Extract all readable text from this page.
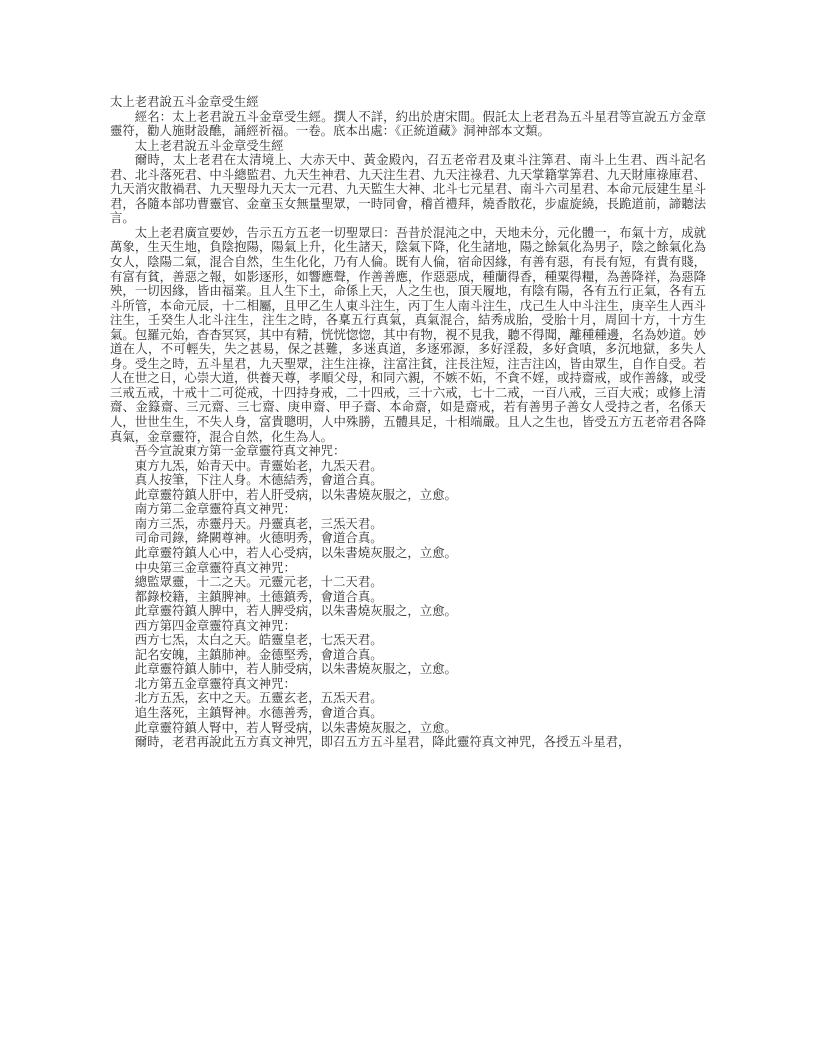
太上老君說五斗金章受生經

經名：太上老君說五斗金章受生經。撰人不詳，約出於唐宋間。假託太上老君為五斗星君等宣說五方金章靈符，勸人施財設醮，誦經祈福。一卷。底本出處：《正統道藏》洞神部本文類。

太上老君說五斗金章受生經

爾時，太上老君在太清境上、大赤天中、黃金殿內，召五老帝君及東斗注筭君、南斗上生君、西斗記名君、北斗落死君、中斗總監君、九天生神君、九天注生君、九天注祿君、九天掌籍掌筭君、九天財庫祿庫君、九天消灾散禍君、九天聖母九天太一元君、九天監生大神、北斗七元星君、南斗六司星君、本命元辰建生星斗君，各隨本部功曹靈官、金童玉女無量聖眾，一時同會，稽首禮拜，燒香散花，步虛旋繞，長跪道前，諦聽法言。

太上老君廣宣要妙，告示五方五老一切聖眾曰：吾昔於混沌之中，天地未分，元化體一，布氣十方，成就萬象，生天生地，負陰抱陽，陽氣上升，化生諸天，陰氣下降，化生諸地，陽之餘氣化為男子，陰之餘氣化為女人，陰陽二氣，混合自然，生生化化，乃有人倫。既有人倫，宿命因緣，有善有惡，有長有短，有貴有賤，有富有貧，善惡之報，如影逐形，如響應聲，作善善應，作惡惡成，種蘭得香，種粟得糧，為善降祥，為惡降殃，一切因緣，皆由福業。且人生下土，命係上天，人之生也，頂天履地，有陰有陽，各有五行正氣，各有五斗所管，本命元辰，十二相屬，且甲乙生人東斗注生，丙丁生人南斗注生，戊己生人中斗注生，庚辛生人西斗注生，壬癸生人北斗注生，注生之時，各稟五行真氣，真氣混合，結秀成胎，受胎十月，周回十方，十方生氣。包羅元始，杳杳冥冥，其中有精，恍恍惚惚，其中有物，視不見我，聽不得聞，離種種邊，名為妙道。妙道在人，不可輕失，失之甚易，保之甚難，多迷真道，多逐邪源，多好淫殺，多好貪嗔，多沉地獄，多失人身。受生之時，五斗星君，九天聖眾，注生注祿，注富注貧，注長注短，注吉注凶，皆由眾生，自作自受。若人在世之日，心崇大道，供養天尊，孝順父母，和同六親，不嫉不妬，不貪不婬，或持齋戒，或作善緣，或受三戒五戒，十戒十二可從戒，十四持身戒，二十四戒，三十六戒，七十二戒，一百八戒，三百大戒；或修上清齋、金籙齋、三元齋、三七齋、庚申齋、甲子齋、本命齋，如是齋戒，若有善男子善女人受持之者，名係天人，世世生生，不失人身，富貴聰明，人中殊勝，五體具足，十相端嚴。且人之生也，皆受五方五老帝君各降真氣，金章靈符，混合自然，化生為人。

吾今宣說東方第一金章靈符真文神咒：

東方九炁，始青天中。青靈始老，九炁天君。

真人按筆，下注人身。木德結秀，會道合真。

此章靈符鎮人肝中，若人肝受病，以朱書燒灰服之，立愈。

南方第二金章靈符真文神咒：

南方三炁，赤靈丹天。丹靈真老，三炁天君。

司命司錄，絳闕尊神。火德明秀，會道合真。

此章靈符鎮人心中，若人心受病，以朱書燒灰服之，立愈。

中央第三金章靈符真文神咒：

總監眾靈，十二之天。元靈元老，十二天君。

都錄校籍，主鎮脾神。土德鎮秀，會道合真。

此章靈符鎮人脾中，若人脾受病，以朱書燒灰服之，立愈。

西方第四金章靈符真文神咒：

西方七炁，太白之天。皓靈皇老，七炁天君。

記名安魄，主鎮肺神。金德堅秀，會道合真。

此章靈符鎮人肺中，若人肺受病，以朱書燒灰服之，立愈。

北方第五金章靈符真文神咒：

北方五炁，玄中之天。五靈玄老，五炁天君。

追生落死，主鎮腎神。水德善秀，會道合真。

此章靈符鎮人腎中，若人腎受病，以朱書燒灰服之，立愈。

爾時，老君再說此五方真文神咒，即召五方五斗星君，降此靈符真文神咒，各授五斗星君，
